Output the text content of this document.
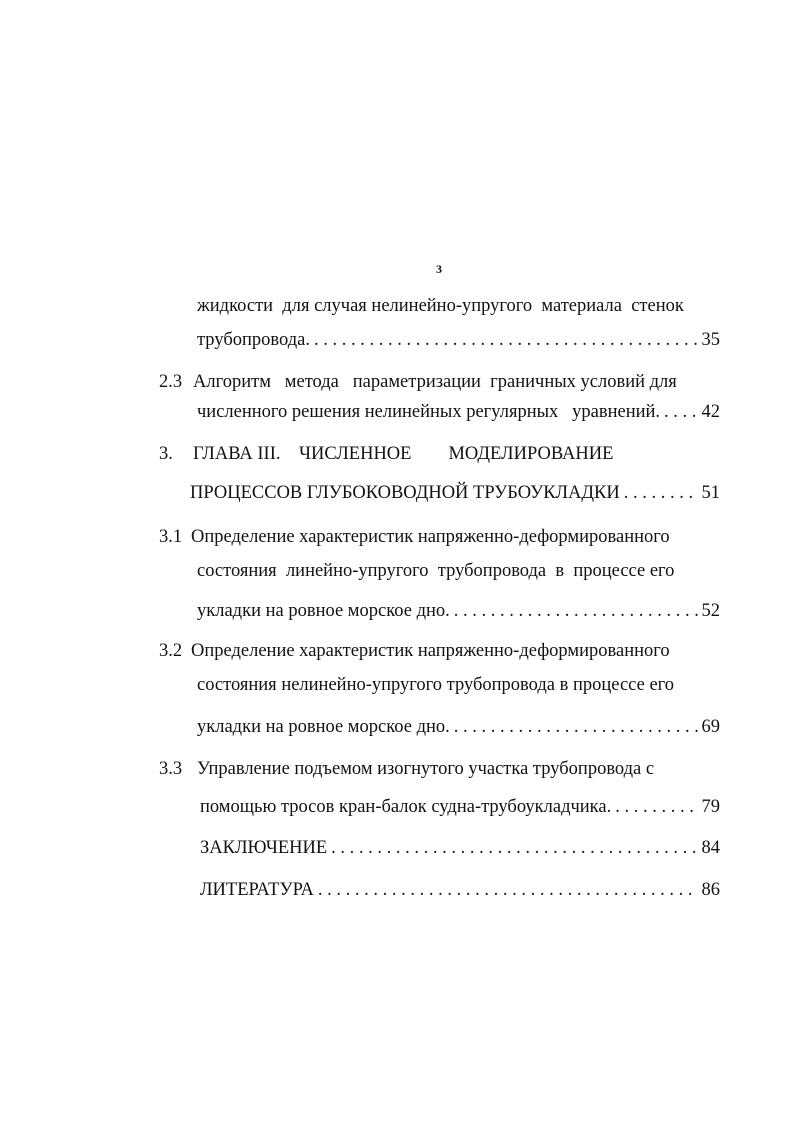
3
жидкости  для случая нелинейно-упругого  материала  стенок
трубопровода. . . .	35
2.3 Алгоритм   метода   параметризации  граничных условий для
численного решения нелинейных регулярных   уравнений. . . . 42
3. ГЛАВА III.    ЧИСЛЕННОЕ        МОДЕЛИРОВАНИЕ
ПРОЦЕССОВ ГЛУБОКОВОДНОЙ ТРУБОУКЛАДКИ . . .	51
3.1 Определение характеристик напряженно-деформированного
состояния  линейно-упругого  трубопровода  в  процессе его
укладки на ровное морское дно. . . .	52
3.2 Определение характеристик напряженно-деформированного
состояния нелинейно-упругого трубопровода в процессе его
укладки на ровное морское дно. . . .	69
3.3 Управление подъемом изогнутого участка трубопровода с
помощью тросов кран-балок судна-трубоукладчика. . . .	79
ЗАКЛЮЧЕНИЕ . . .	84
ЛИТЕРАТУРА . . .	86
